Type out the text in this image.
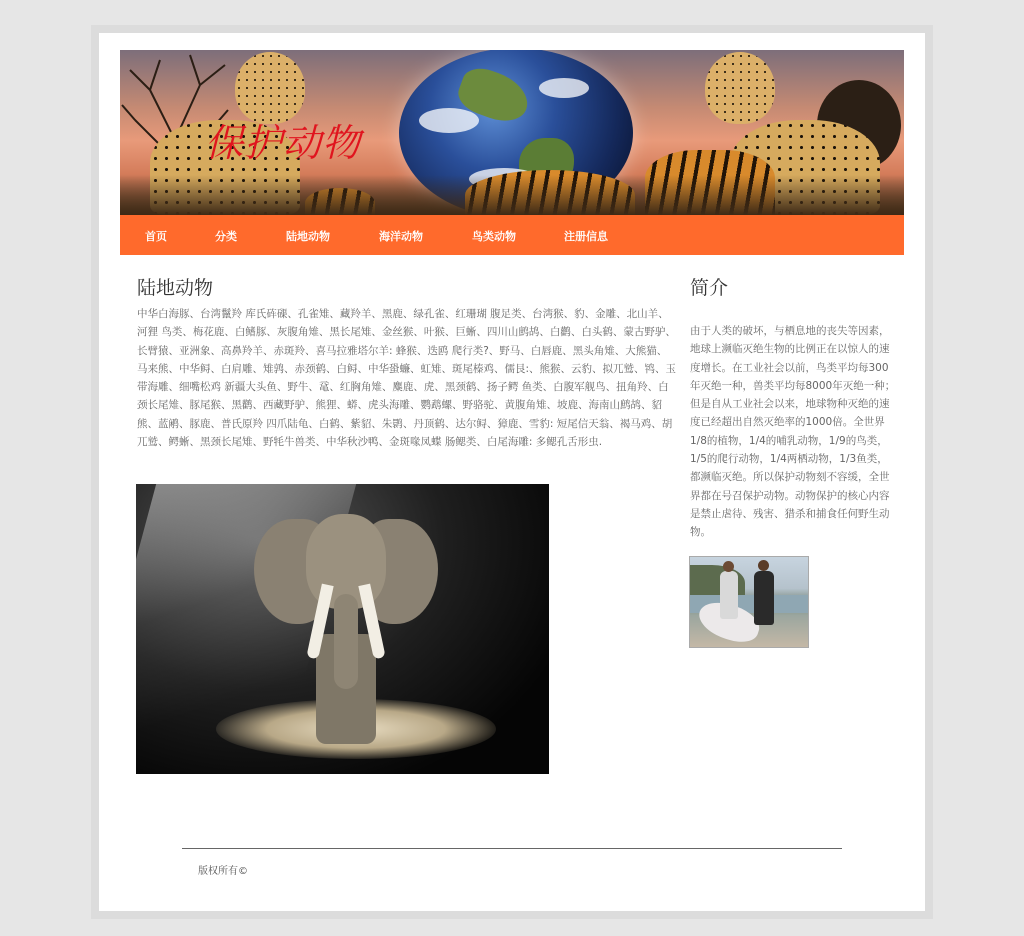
保护动物
首页	分类	陆地动物	海洋动物	鸟类动物	注册信息
陆地动物

中华白海豚、台湾鬣羚 库氏砗磲、孔雀雉、藏羚羊、黑鹿、绿孔雀、红珊瑚 腹足类、台湾猴、豹、金雕、北山羊、河狸 鸟类、梅花鹿、白鳍豚、灰腹角雉、黑长尾雉、金丝猴、叶猴、巨蜥、四川山鹧鸪、白鹳、白头鹤、蒙古野驴、长臂猿、亚洲象、高鼻羚羊、赤斑羚、喜马拉雅塔尔羊: 蜂猴、迭鸥 爬行类?、野马、白唇鹿、黑头角雉、大熊猫、马来熊、中华鲟、白肩雕、雉鹑、赤颈鹤、白鲟、中华蛩蠊、虹雉、斑尾榛鸡、儒艮:、熊猴、云豹、拟兀鹫、鸨、玉带海雕、细嘴松鸡 新疆大头鱼、野牛、鼋、红胸角雉、麋鹿、虎、黑颈鹤、扬子鳄 鱼类、白腹军舰鸟、扭角羚、白颈长尾雉、豚尾猴、黑鹳、西藏野驴、熊狸、蟒、虎头海雕、鹦鹉螺、野骆驼、黄腹角雉、坡鹿、海南山鹧鸪、貂熊、蓝鹇、豚鹿、普氏原羚 四爪陆龟、白鹤、紫貂、朱鹮、丹顶鹤、达尔鲟、獐鹿、雪豹: 短尾信天翁、褐马鸡、胡兀鹫、鳄蜥、黑颈长尾雉、野牦牛兽类、中华秋沙鸭、金斑喙凤蝶 肠鳃类、白尾海雕: 多鳃孔舌形虫.

简介

由于人类的破坏，与栖息地的丧失等因素，地球上濒临灭绝生物的比例正在以惊人的速度增长。在工业社会以前，鸟类平均每300年灭绝一种，兽类平均每8000年灭绝一种；但是自从工业社会以来，地球物种灭绝的速度已经超出自然灭绝率的1000倍。全世界1/8的植物，1/4的哺乳动物，1/9的鸟类，1/5的爬行动物，1/4两栖动物，1/3鱼类，都濒临灭绝。所以保护动物刻不容缓，全世界都在号召保护动物。动物保护的核心内容是禁止虐待、残害、猎杀和捕食任何野生动物。

版权所有©
